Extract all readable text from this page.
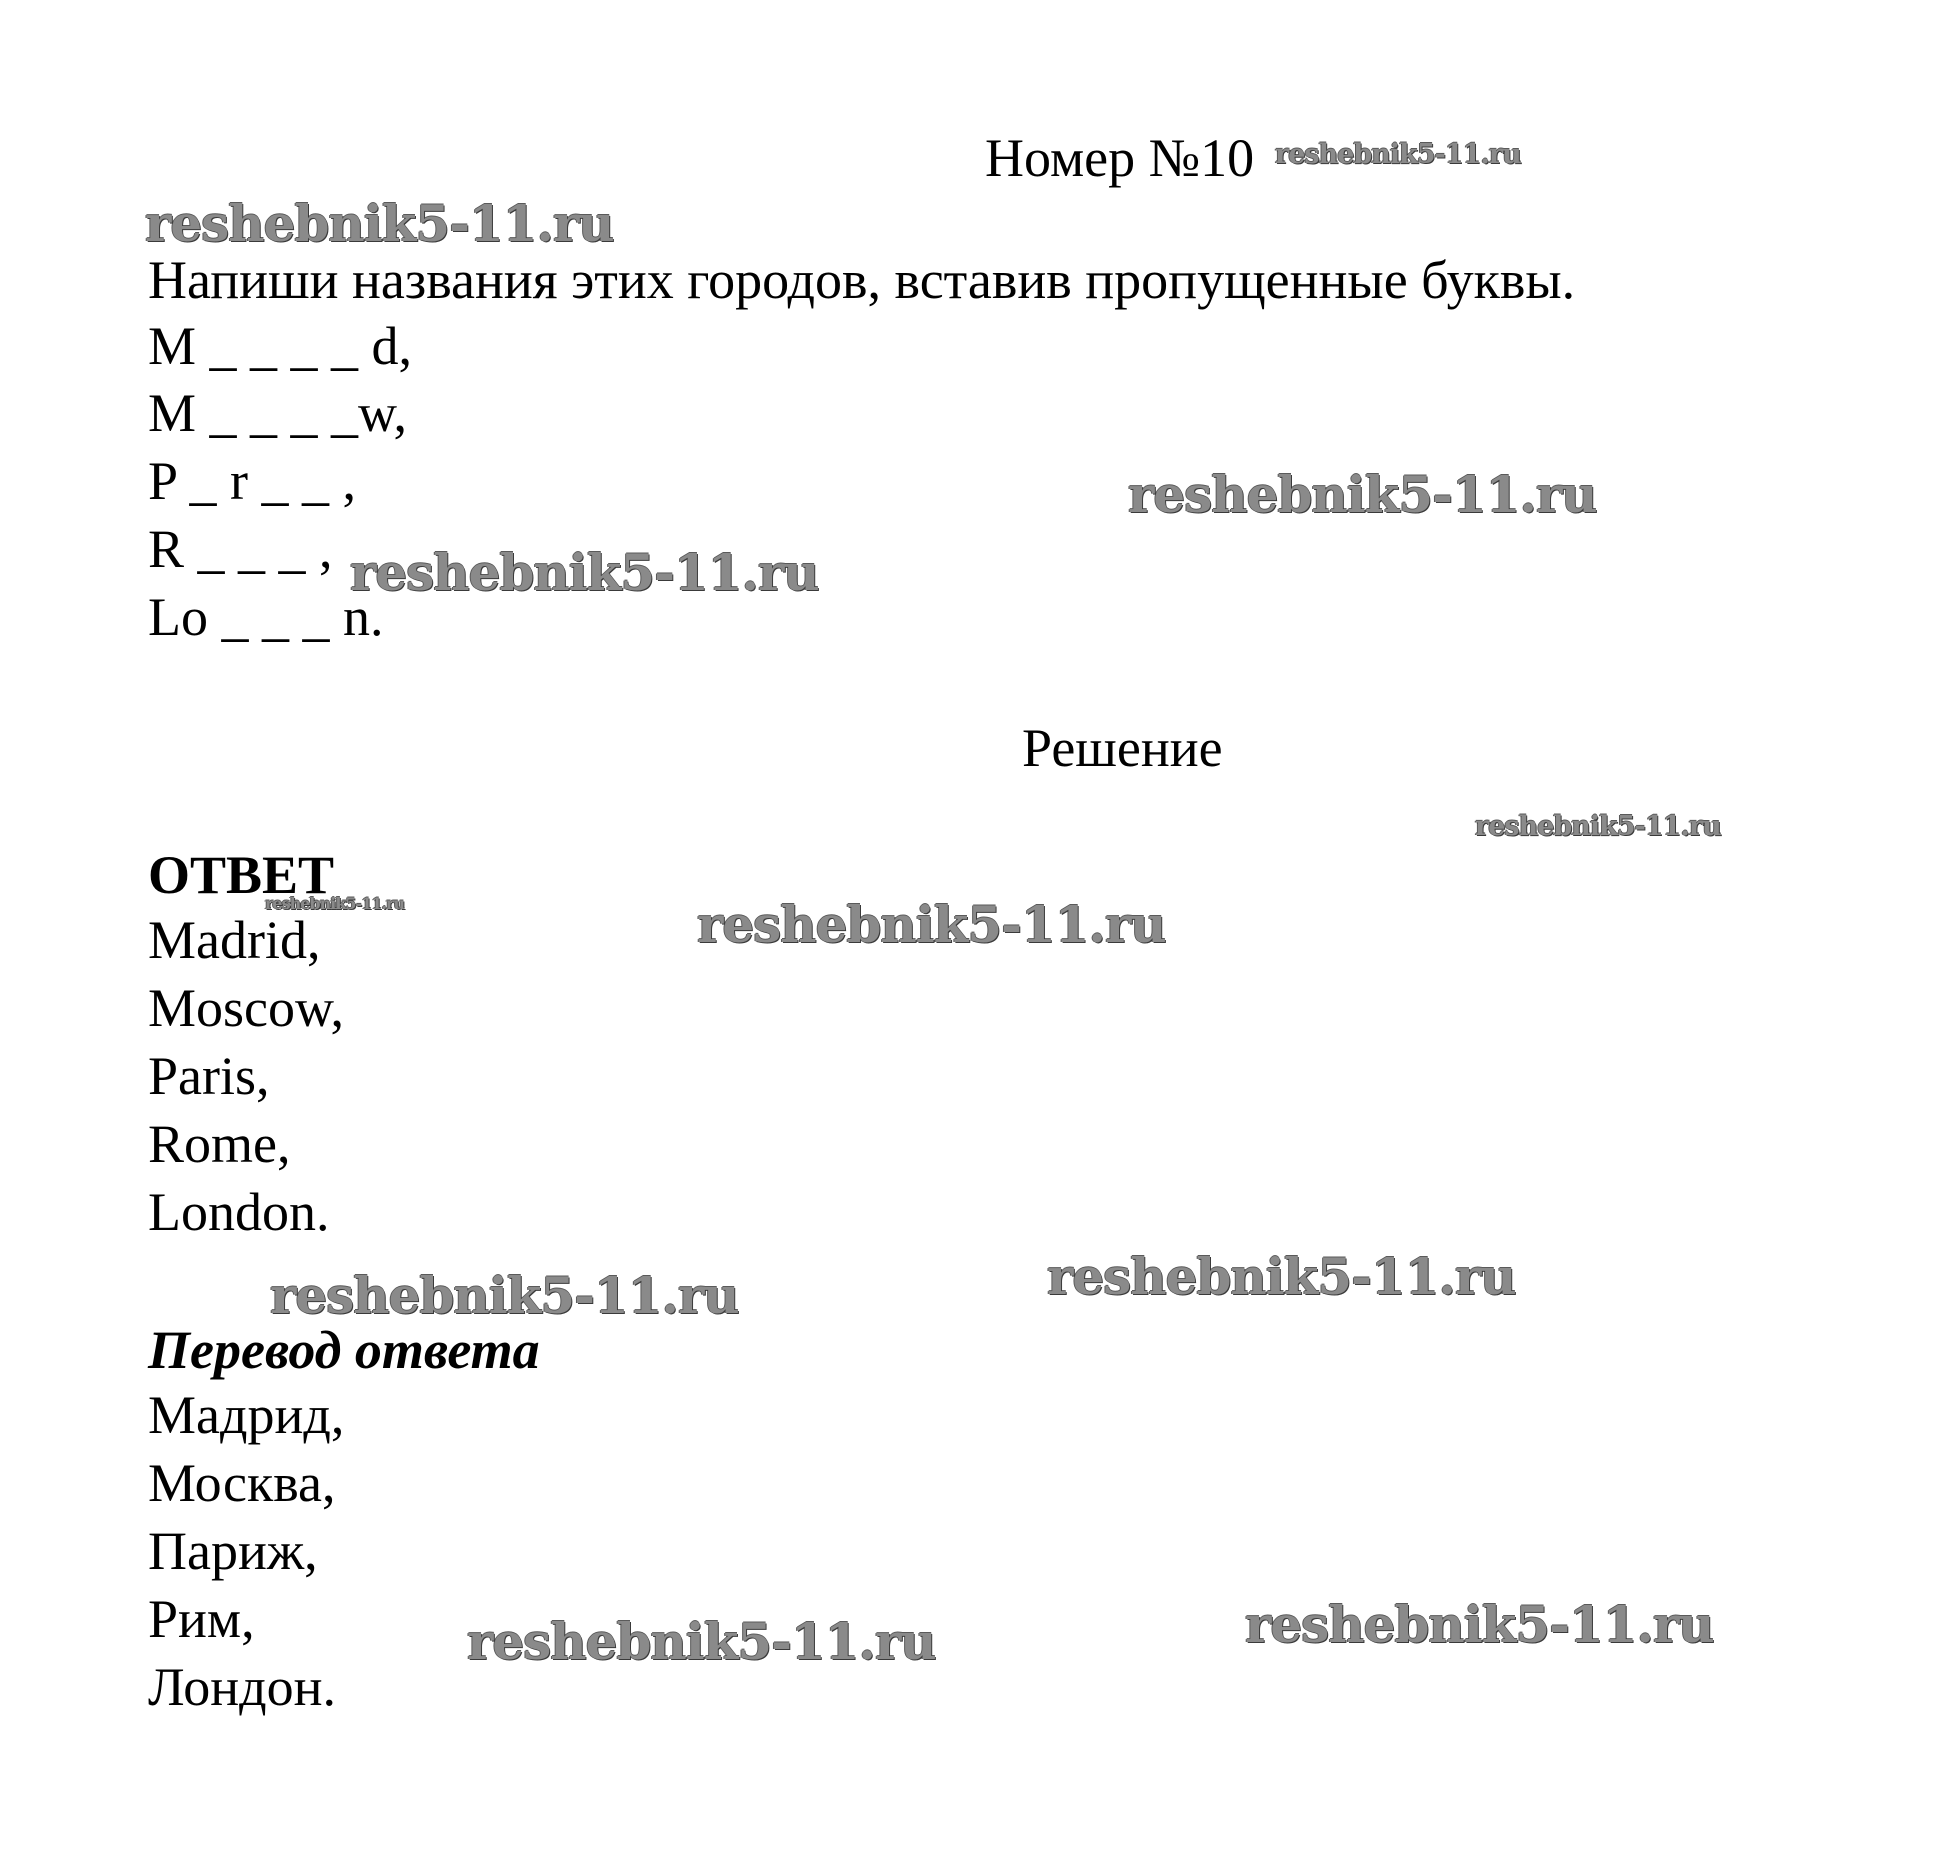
Номер №10
Напиши названия этих городов, вставив пропущенные буквы.
M _ _ _ _ d,
M _ _ _ _w,
P _ r _ _ ,
R _ _ _ ,
Lo _ _ _ n.
Решение
ОТВЕТ
Madrid,
Moscow,
Paris,
Rome,
London.
Перевод ответа
Мадрид,
Москва,
Париж,
Рим,
Лондон.
reshebnik5-11.ru
reshebnik5-11.ru
reshebnik5-11.ru
reshebnik5-11.ru
reshebnik5-11.ru
reshebnik5-11.ru	reshebnik5-11.ru
reshebnik5-11.ru
reshebnik5-11.ru
reshebnik5-11.ru
reshebnik5-11.ru
